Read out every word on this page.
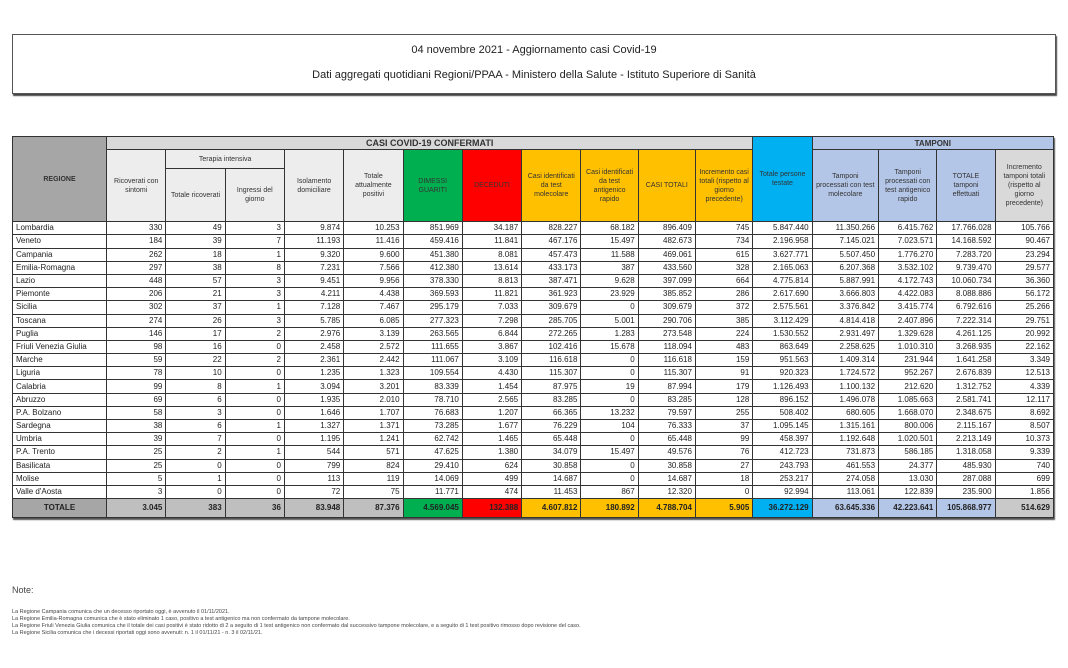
04 novembre 2021 - Aggiornamento casi Covid-19
Dati aggregati quotidiani Regioni/PPAA - Ministero della Salute - Istituto Superiore di Sanità
REGIONE	CASI COVID-19 CONFERMATI											Totale persone testate	TAMPONI			
	Ricoverati con sintomi	Terapia intensiva		Isolamento domiciliare	Totale attualmente positivi	DIMESSI GUARITI	DECEDUTI	Casi identificati da test molecolare	Casi identificati da test antigenico rapido	CASI TOTALI	Incremento casi totali (rispetto al giorno precedente)		Tamponi processati con test molecolare	Tamponi processati con test antigenico rapido	TOTALE tamponi effettuati	Incremento tamponi totali (rispetto al giorno precedente)
		Totale ricoverati	Ingressi del giorno													
Lombardia	330	49	3	9.874	10.253	851.969	34.187	828.227	68.182	896.409	745	5.847.440	11.350.266	6.415.762	17.766.028	105.766
Veneto	184	39	7	11.193	11.416	459.416	11.841	467.176	15.497	482.673	734	2.196.958	7.145.021	7.023.571	14.168.592	90.467
Campania	262	18	1	9.320	9.600	451.380	8.081	457.473	11.588	469.061	615	3.627.771	5.507.450	1.776.270	7.283.720	23.294
Emilia-Romagna	297	38	8	7.231	7.566	412.380	13.614	433.173	387	433.560	328	2.165.063	6.207.368	3.532.102	9.739.470	29.577
Lazio	448	57	3	9.451	9.956	378.330	8.813	387.471	9.628	397.099	664	4.775.814	5.887.991	4.172.743	10.060.734	36.360
Piemonte	206	21	3	4.211	4.438	369.593	11.821	361.923	23.929	385.852	286	2.617.690	3.666.803	4.422.083	8.088.886	56.172
Sicilia	302	37	1	7.128	7.467	295.179	7.033	309.679	0	309.679	372	2.575.561	3.376.842	3.415.774	6.792.616	25.266
Toscana	274	26	3	5.785	6.085	277.323	7.298	285.705	5.001	290.706	385	3.112.429	4.814.418	2.407.896	7.222.314	29.751
Puglia	146	17	2	2.976	3.139	263.565	6.844	272.265	1.283	273.548	224	1.530.552	2.931.497	1.329.628	4.261.125	20.992
Friuli Venezia Giulia	98	16	0	2.458	2.572	111.655	3.867	102.416	15.678	118.094	483	863.649	2.258.625	1.010.310	3.268.935	22.162
Marche	59	22	2	2.361	2.442	111.067	3.109	116.618	0	116.618	159	951.563	1.409.314	231.944	1.641.258	3.349
Liguria	78	10	0	1.235	1.323	109.554	4.430	115.307	0	115.307	91	920.323	1.724.572	952.267	2.676.839	12.513
Calabria	99	8	1	3.094	3.201	83.339	1.454	87.975	19	87.994	179	1.126.493	1.100.132	212.620	1.312.752	4.339
Abruzzo	69	6	0	1.935	2.010	78.710	2.565	83.285	0	83.285	128	896.152	1.496.078	1.085.663	2.581.741	12.117
P.A. Bolzano	58	3	0	1.646	1.707	76.683	1.207	66.365	13.232	79.597	255	508.402	680.605	1.668.070	2.348.675	8.692
Sardegna	38	6	1	1.327	1.371	73.285	1.677	76.229	104	76.333	37	1.095.145	1.315.161	800.006	2.115.167	8.507
Umbria	39	7	0	1.195	1.241	62.742	1.465	65.448	0	65.448	99	458.397	1.192.648	1.020.501	2.213.149	10.373
P.A. Trento	25	2	1	544	571	47.625	1.380	34.079	15.497	49.576	76	412.723	731.873	586.185	1.318.058	9.339
Basilicata	25	0	0	799	824	29.410	624	30.858	0	30.858	27	243.793	461.553	24.377	485.930	740
Molise	5	1	0	113	119	14.069	499	14.687	0	14.687	18	253.217	274.058	13.030	287.088	699
Valle d'Aosta	3	0	0	72	75	11.771	474	11.453	867	12.320	0	92.994	113.061	122.839	235.900	1.856
TOTALE	3.045	383	36	83.948	87.376	4.569.045	132.388	4.607.812	180.892	4.788.704	5.905	36.272.129	63.645.336	42.223.641	105.868.977	514.629
Note:
La Regione Campania comunica che un decesso riportato oggi, è avvenuto il 01/11/2021.
La Regione Emilia-Romagna comunica che è stato eliminato 1 caso, positivo a test antigenico ma non confermato da tampone molecolare.
La Regione Friuli Venezia Giulia comunica che il totale dei casi positivi è stato ridotto di 2 a seguito di 1 test antigenico non confermato dal successivo tampone molecolare, e a seguito di 1 test positivo rimosso dopo revisione del caso.
La Regione Sicilia comunica che i decessi riportati oggi sono avvenuti: n. 1 il 01/11/21 - n. 3 il 02/11/21.
